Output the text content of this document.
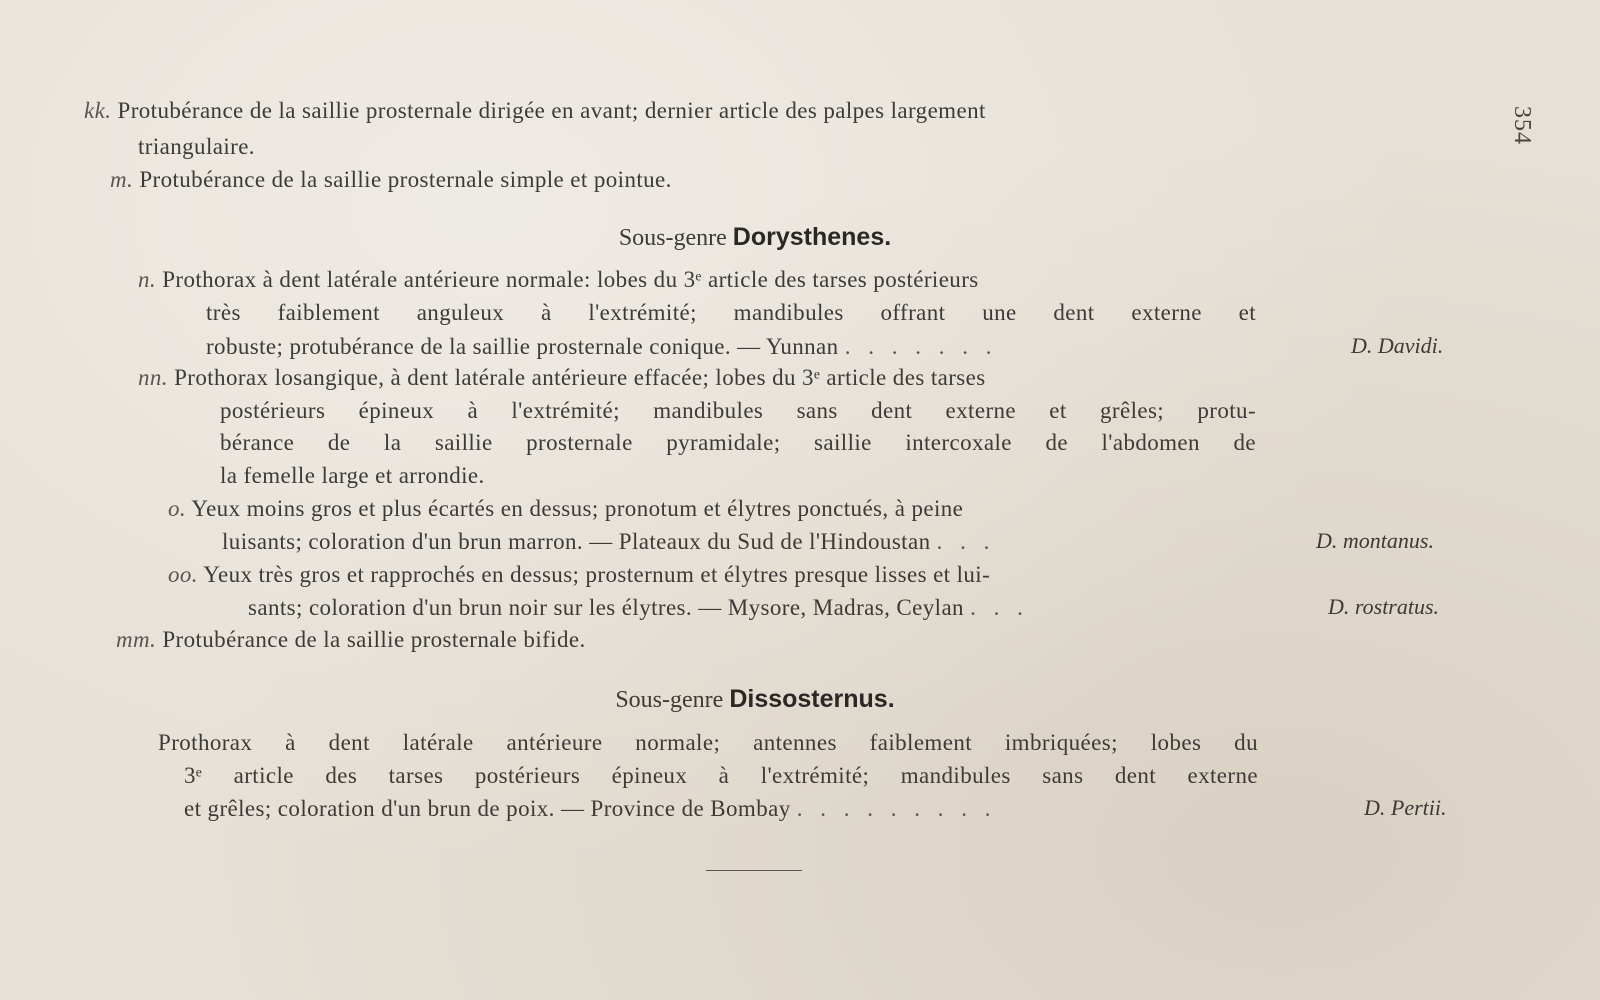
354
kk. Protubérance de la saillie prosternale dirigée en avant; dernier article des palpes largement
triangulaire.
m. Protubérance de la saillie prosternale simple et pointue.
Sous-genre Dorysthenes.
n. Prothorax à dent latérale antérieure normale: lobes du 3ᵉ article des tarses postérieurs
très faiblement anguleux à l'extrémité; mandibules offrant une dent externe et
robuste; protubérance de la saillie prosternale conique. — Yunnan . . . . . . .	D. Davidi.
nn. Prothorax losangique, à dent latérale antérieure effacée; lobes du 3ᵉ article des tarses
postérieurs épineux à l'extrémité; mandibules sans dent externe et grêles; protu-
bérance de la saillie prosternale pyramidale; saillie intercoxale de l'abdomen de
la femelle large et arrondie.
o. Yeux moins gros et plus écartés en dessus; pronotum et élytres ponctués, à peine
luisants; coloration d'un brun marron. — Plateaux du Sud de l'Hindoustan . . .	D. montanus.
oo. Yeux très gros et rapprochés en dessus; prosternum et élytres presque lisses et lui-
sants; coloration d'un brun noir sur les élytres. — Mysore, Madras, Ceylan . . .	D. rostratus.
mm. Protubérance de la saillie prosternale bifide.
Sous-genre Dissosternus.
Prothorax à dent latérale antérieure normale; antennes faiblement imbriquées; lobes du
3ᵉ article des tarses postérieurs épineux à l'extrémité; mandibules sans dent externe
et grêles; coloration d'un brun de poix. — Province de Bombay . . . . . . . . .	D. Pertii.
